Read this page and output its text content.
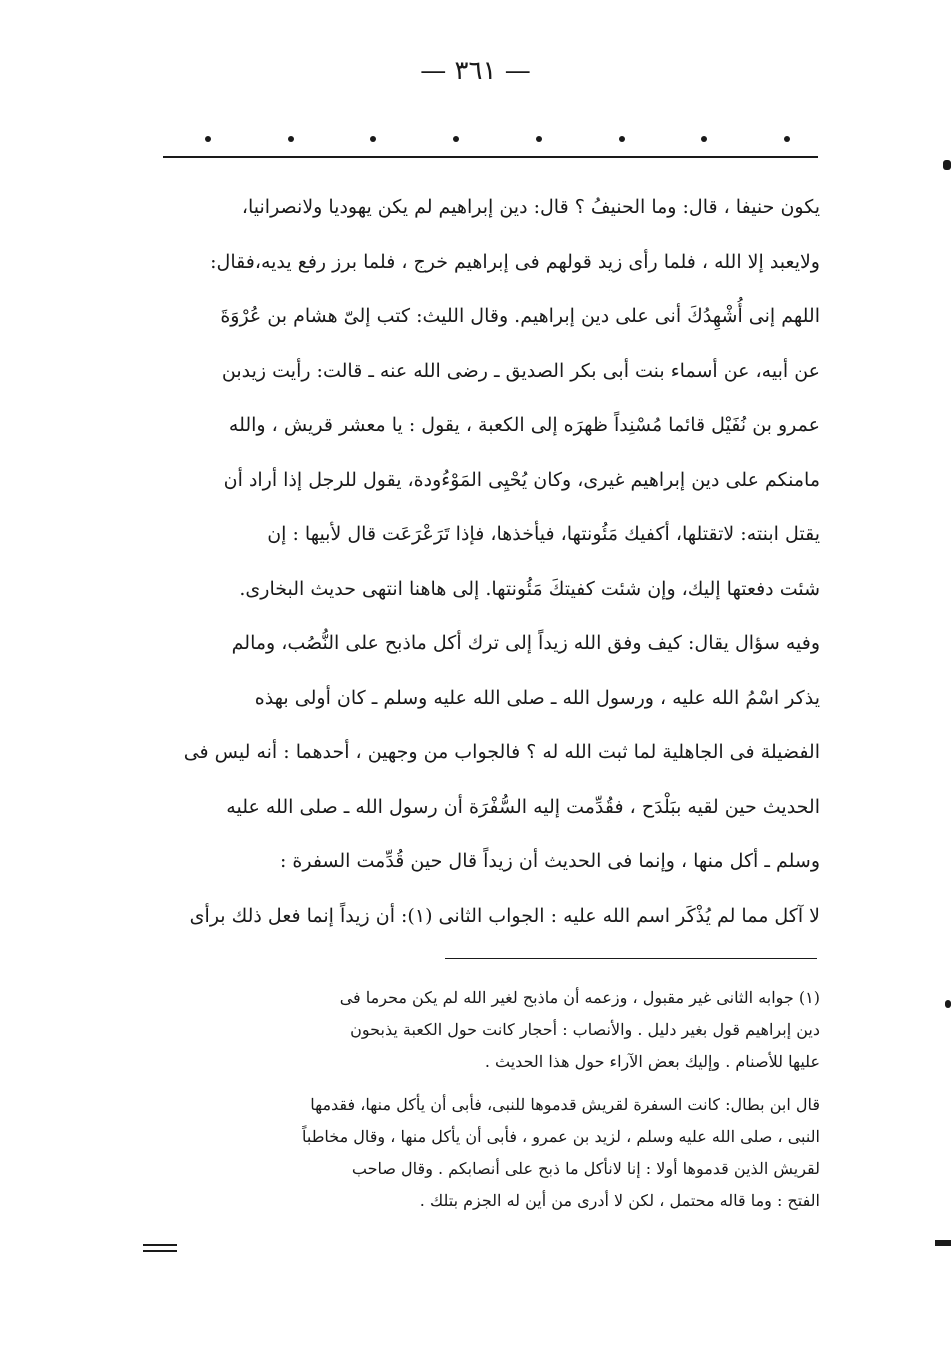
— ٣٦١ —
يكون حنيفا ، قال: وما الحنيفُ ؟ قال: دين إبراهيم لم يكن يهوديا ولانصرانيا،
ولايعبد إلا الله ، فلما رأى زيد قولهم فى إبراهيم خرج ، فلما برز رفع يديه،فقال:
اللهم إنى أُشْهِدُكَ أنى على دين إبراهيم. وقال الليث: كتب إلىّ هشام بن عُرْوَةَ
عن أبيه، عن أسماء بنت أبى بكر الصديق ـ رضى الله عنه ـ قالت: رأيت زيدبن
عمرو بن نُفَيْل قائما مُسْنِداً ظهرَه إلى الكعبة ، يقول : يا معشر قريش ، والله
مامنكم على دين إبراهيم غيرى، وكان يُحْيِى المَوْءُودة، يقول للرجل إذا أراد أن
يقتل ابنته: لاتقتلها، أكفيك مَئُونتها، فيأخذها، فإذا تَرَعْرَعَت قال لأبيها : إن
شئت دفعتها إليك، وإن شئت كفيتكَ مَئُونتها. إلى هاهنا انتهى حديث البخارى.
وفيه سؤال يقال: كيف وفق الله زيداً إلى ترك أكل ماذبح على النُّصُب، ومالم
يذكر اسْمُ الله عليه ، ورسول الله ـ صلى الله عليه وسلم ـ كان أولى بهذه
الفضيلة فى الجاهلية لما ثبت الله له ؟ فالجواب من وجهين ، أحدهما : أنه ليس فى
الحديث حين لقيه ببَلْدَح ، فقُدِّمت إليه السُّفْرَة أن رسول الله ـ صلى الله عليه
وسلم ـ أكل منها ، وإنما فى الحديث أن زيداً قال حين قُدِّمت السفرة :
لا آكل مما لم يُذْكَر اسم الله عليه : الجواب الثانى (١): أن زيداً إنما فعل ذلك برأى
(١) جوابه الثانى غير مقبول ، وزعمه أن ماذبح لغير الله لم يكن محرما فى
دين إبراهيم قول بغير دليل . والأنصاب : أحجار كانت حول الكعبة يذبحون
عليها للأصنام . وإليك بعض الآراء حول هذا الحديث .
قال ابن بطال: كانت السفرة لقريش قدموها للنبى، فأبى أن يأكل منها، فقدمها
النبى ، صلى الله عليه وسلم ، لزيد بن عمرو ، فأبى أن يأكل منها ، وقال مخاطباً
لقريش الذين قدموها أولا : إنا لانأكل ما ذبح على أنصابكم . وقال صاحب
الفتح : وما قاله محتمل ، لكن لا أدرى من أين له الجزم بتلك .
